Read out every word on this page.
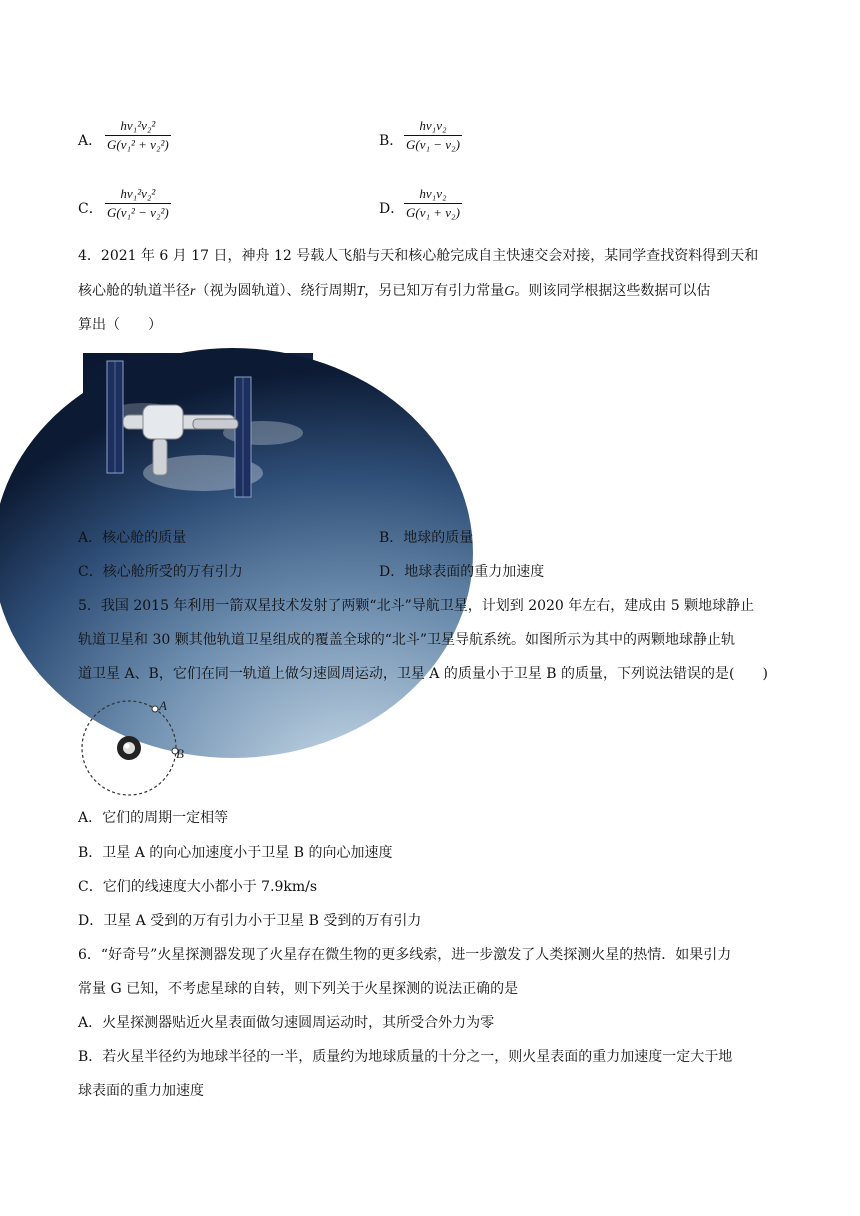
A．
hv₁²v₂²
G(v₁² + v₂²)	B．
hv₁v₂
G(v₁ − v₂)
C．
hv₁²v₂²
G(v₁² − v₂²)	D．
hv₁v₂
G(v₁ + v₂)
4．2021 年 6 月 17 日，神舟 12 号载人飞船与天和核心舱完成自主快速交会对接，某同学查找资料得到天和
核心舱的轨道半径r（视为圆轨道）、绕行周期T，另已知万有引力常量G。则该同学根据这些数据可以估
算出（　　）
A．核心舱的质量	B．地球的质量
C．核心舱所受的万有引力	D．地球表面的重力加速度
5．我国 2015 年利用一箭双星技术发射了两颗“北斗”导航卫星，计划到 2020 年左右，建成由 5 颗地球静止
轨道卫星和 30 颗其他轨道卫星组成的覆盖全球的“北斗”卫星导航系统。如图所示为其中的两颗地球静止轨
道卫星 A、B，它们在同一轨道上做匀速圆周运动，卫星 A 的质量小于卫星 B 的质量，下列说法错误的是(　　)
A
B
A．它们的周期一定相等
B．卫星 A 的向心加速度小于卫星 B 的向心加速度
C．它们的线速度大小都小于 7.9km/s
D．卫星 A 受到的万有引力小于卫星 B 受到的万有引力
6．“好奇号”火星探测器发现了火星存在微生物的更多线索，进一步激发了人类探测火星的热情．如果引力
常量 G 已知，不考虑星球的自转，则下列关于火星探测的说法正确的是
A．火星探测器贴近火星表面做匀速圆周运动时，其所受合外力为零
B．若火星半径约为地球半径的一半，质量约为地球质量的十分之一，则火星表面的重力加速度一定大于地
球表面的重力加速度
